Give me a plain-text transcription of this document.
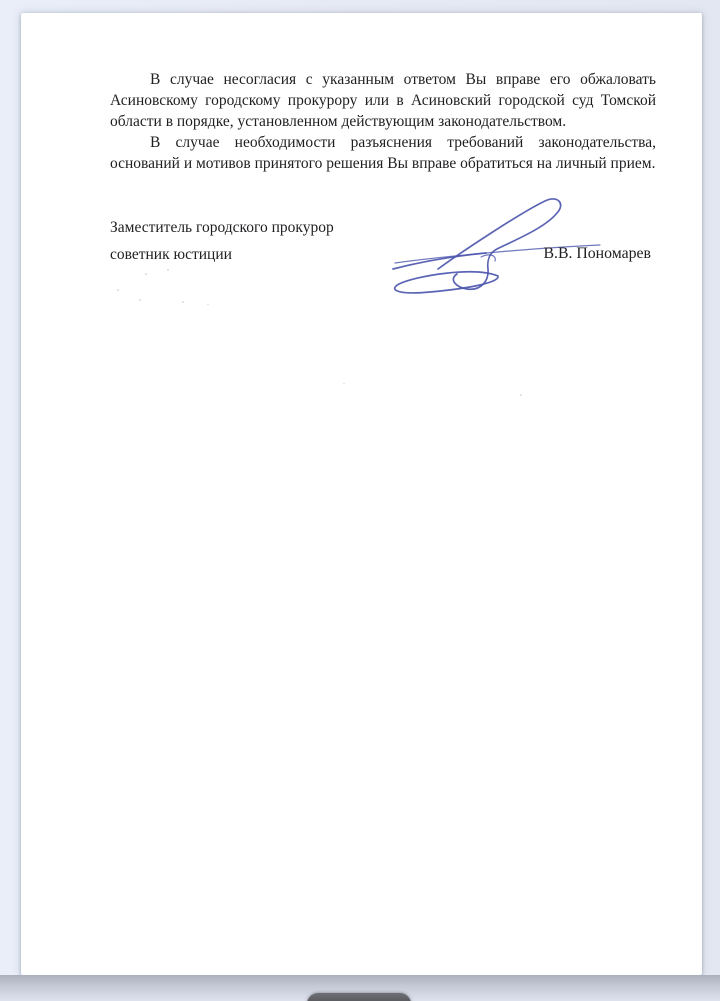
В случае несогласия с указанным ответом Вы вправе его обжаловать Асиновскому городскому прокурору или в Асиновский городской суд Томской области в порядке, установленном действующим законодательством.

В случае необходимости разъяснения требований законодательства, оснований и мотивов принятого решения Вы вправе обратиться на личный прием.

Заместитель городского прокурор
советник юстиции	В.В. Пономарев
